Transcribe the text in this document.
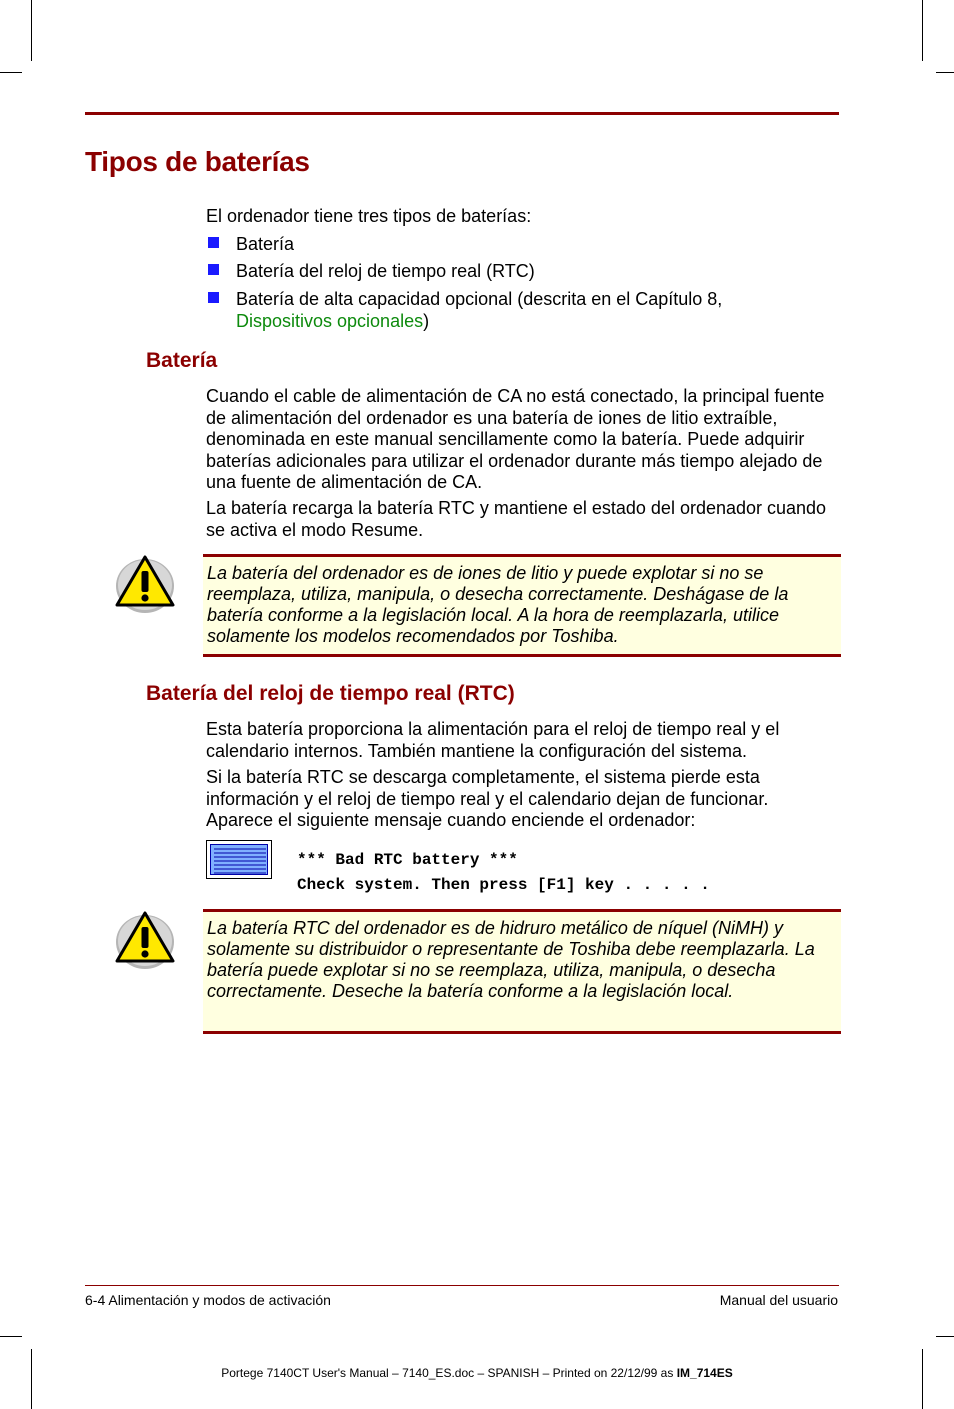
Tipos de baterías

El ordenador tiene tres tipos de baterías:

Batería
Batería del reloj de tiempo real (RTC)
Batería de alta capacidad opcional (descrita en el Capítulo 8,
Dispositivos opcionales)
Batería

Cuando el cable de alimentación de CA no está conectado, la principal fuente de alimentación del ordenador es una batería de iones de litio extraíble, denominada en este manual sencillamente como la batería. Puede adquirir baterías adicionales para utilizar el ordenador durante más tiempo alejado de una fuente de alimentación de CA.

La batería recarga la batería RTC y mantiene el estado del ordenador cuando se activa el modo Resume.

La batería del ordenador es de iones de litio y puede explotar si no se reemplaza, utiliza, manipula, o desecha correctamente. Deshágase de la batería conforme a la legislación local. A la hora de reemplazarla, utilice solamente los modelos recomendados por Toshiba.
Batería del reloj de tiempo real (RTC)

Esta batería proporciona la alimentación para el reloj de tiempo real y el calendario internos. También mantiene la configuración del sistema.

Si la batería RTC se descarga completamente, el sistema pierde esta información y el reloj de tiempo real y el calendario dejan de funcionar. Aparece el siguiente mensaje cuando enciende el ordenador:

*** Bad RTC battery ***
Check system. Then press [F1] key . . . . .
La batería RTC del ordenador es de hidruro metálico de níquel (NiMH) y solamente su distribuidor o representante de Toshiba debe reemplazarla. La batería puede explotar si no se reemplaza, utiliza, manipula, o desecha correctamente. Deseche la batería conforme a la legislación local.
6-4 Alimentación y modos de activación	Manual del usuario
Portege 7140CT User's Manual – 7140_ES.doc – SPANISH – Printed on 22/12/99 as IM_714ES
